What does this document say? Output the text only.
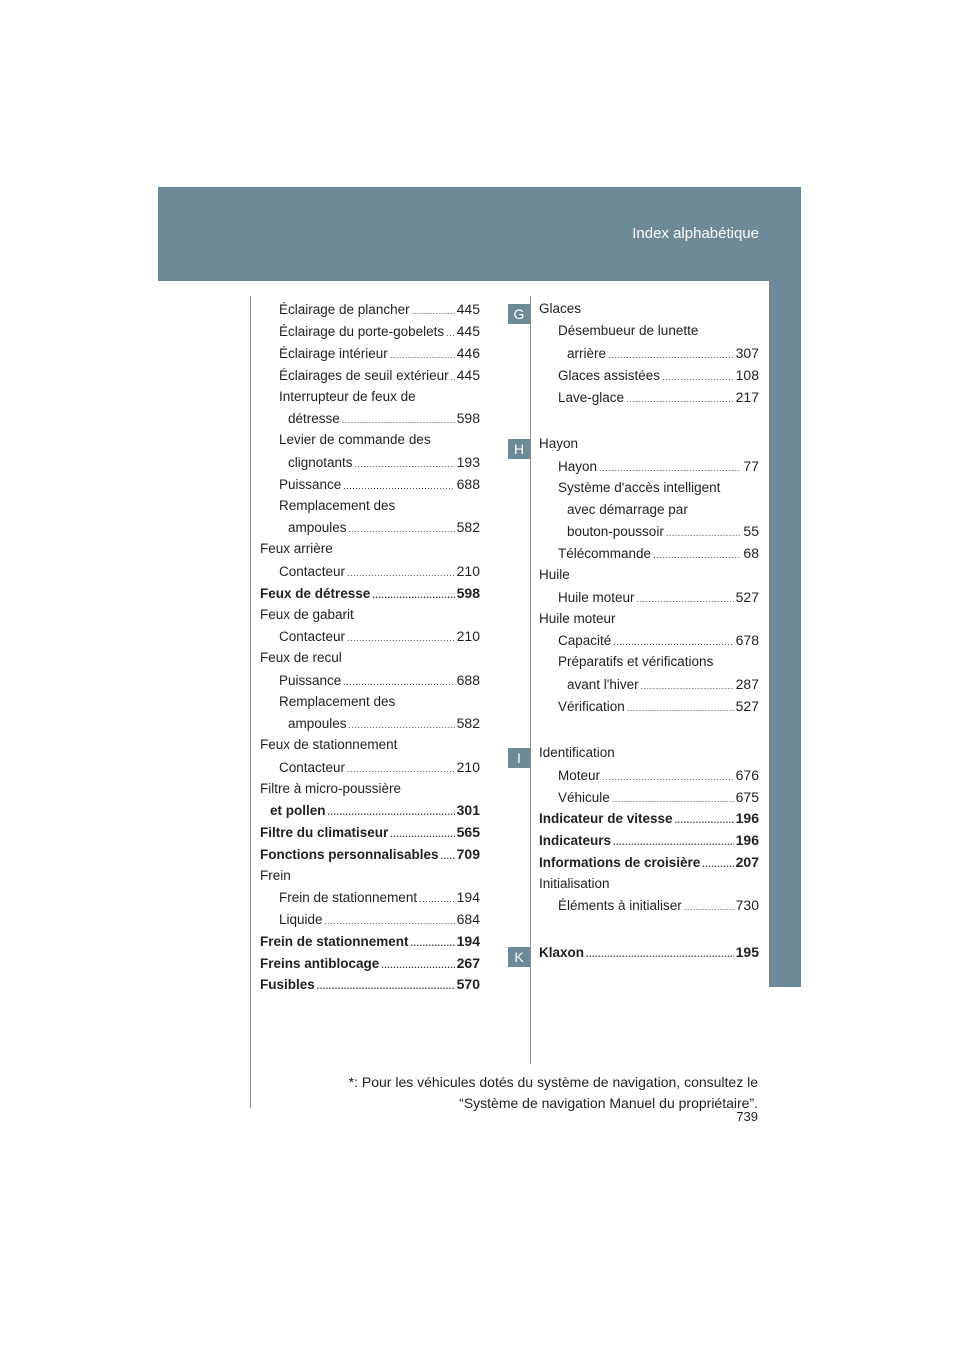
Index alphabétique
Éclairage de plancher .....	445
Éclairage du porte-gobelets ..... 445
Éclairage intérieur .....	446
Éclairages de seuil extérieur ..... 445
Interrupteur de feux de
détresse .....	598
Levier de commande des
clignotants .....	193
Puissance .....	688
Remplacement des
ampoules .....	582
Feux arrière
Contacteur .....	210
Feux de détresse .....	598
Feux de gabarit
Contacteur .....	210
Feux de recul
Puissance .....	688
Remplacement des
ampoules .....	582
Feux de stationnement
Contacteur .....	210
Filtre à micro-poussière
et pollen .....	301
Filtre du climatiseur .....	565
Fonctions personnalisables ..... 709
Frein
Frein de stationnement .....	194
Liquide .....	684
Frein de stationnement .....	194
Freins antiblocage .....	267
Fusibles .....	570
Glaces
Désembueur de lunette
arrière .....	307
Glaces assistées .....	108
Lave-glace .....	217
Hayon
Hayon .....	77
Système d'accès intelligent
avec démarrage par
bouton-poussoir .....	55
Télécommande .....	68
Huile
Huile moteur .....	527
Huile moteur
Capacité .....	678
Préparatifs et vérifications
avant l'hiver .....	287
Vérification .....	527
Identification
Moteur .....	676
Véhicule .....	675
Indicateur de vitesse .....	196
Indicateurs .....	196
Informations de croisière .....	207
Initialisation
Éléments à initialiser .....	730
Klaxon .....	195
G
H
I
K
*: Pour les véhicules dotés du système de navigation, consultez le
“Système de navigation Manuel du propriétaire”.
739
